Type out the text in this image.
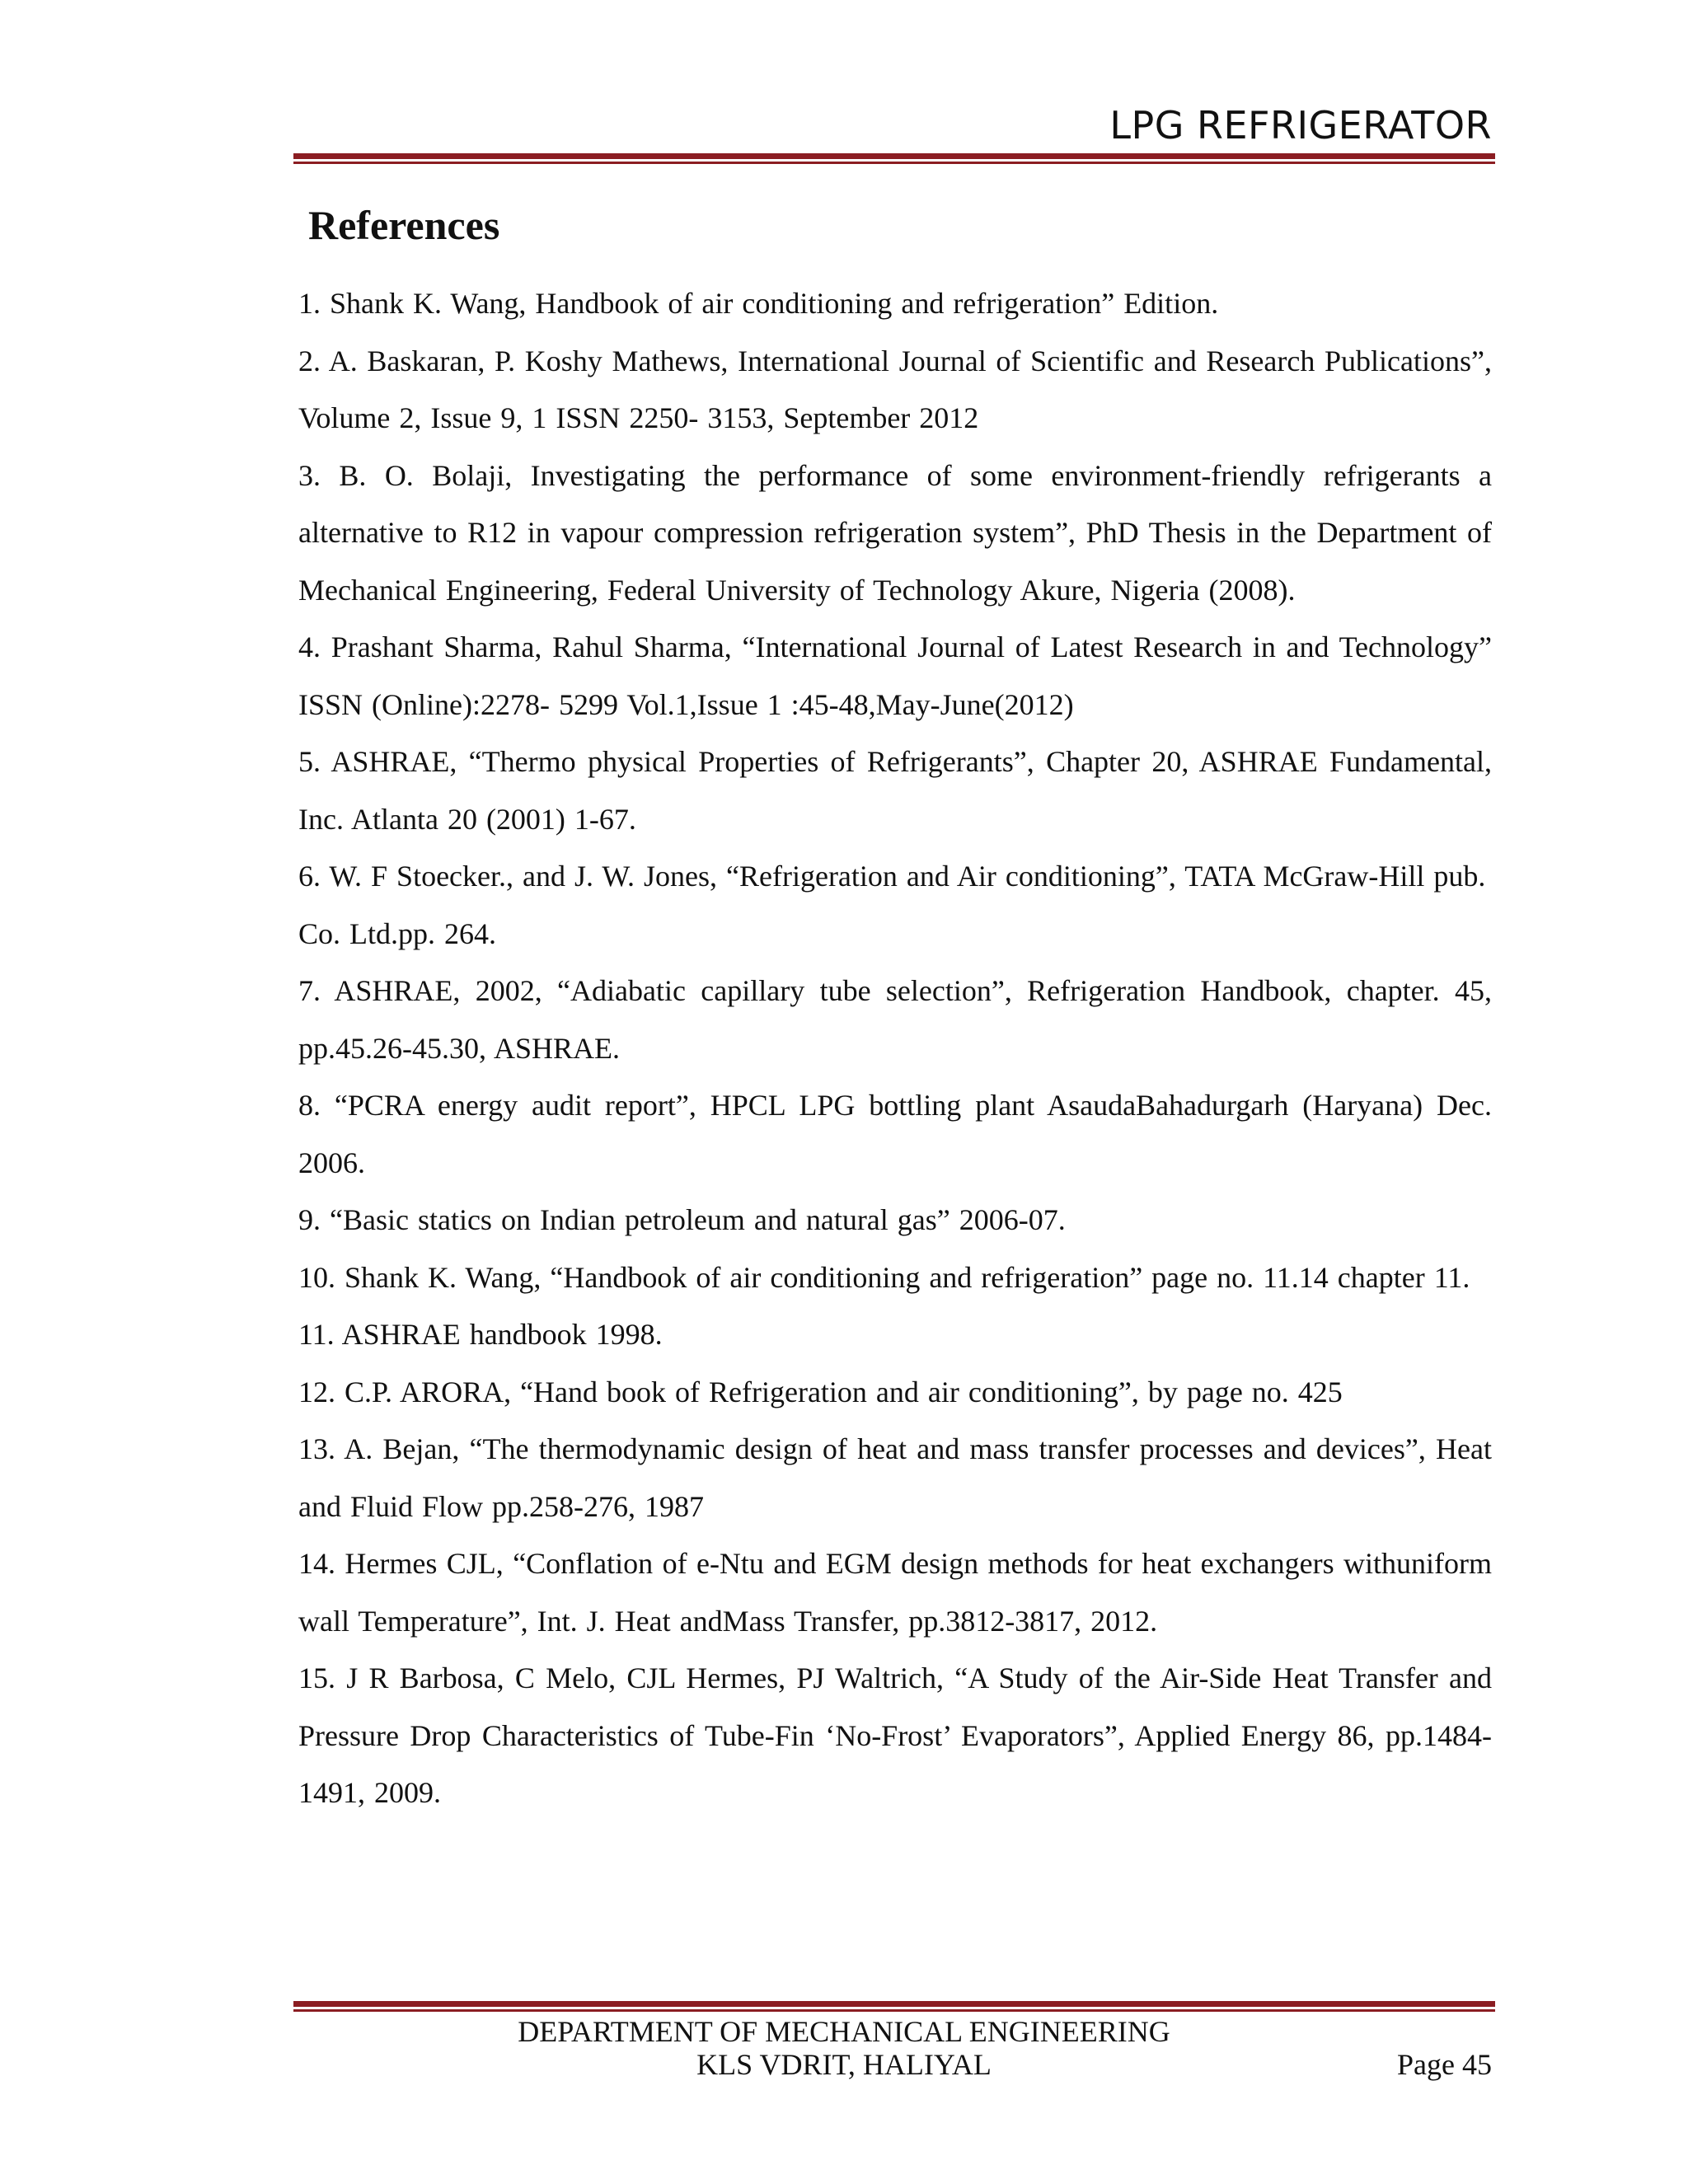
LPG REFRIGERATOR
References
1. Shank K. Wang, Handbook of air conditioning and refrigeration” Edition.
2. A. Baskaran, P. Koshy Mathews, International Journal of Scientific and Research Publications”, Volume 2, Issue 9, 1 ISSN 2250- 3153, September 2012
3. B. O. Bolaji, Investigating the performance of some environment-friendly refrigerants a alternative to R12 in vapour compression refrigeration system”, PhD Thesis in the Department of Mechanical Engineering, Federal University of Technology Akure, Nigeria (2008).
4. Prashant Sharma, Rahul Sharma, “International Journal of Latest Research in and Technology” ISSN (Online):2278- 5299 Vol.1,Issue 1 :45-48,May-June(2012)
5. ASHRAE, “Thermo physical Properties of Refrigerants”, Chapter 20, ASHRAE Fundamental, Inc. Atlanta 20 (2001) 1-67.
6. W. F Stoecker., and J. W. Jones, “Refrigeration and Air conditioning”, TATA McGraw-Hill pub.
Co. Ltd.pp. 264.
7. ASHRAE, 2002, “Adiabatic capillary tube selection”, Refrigeration Handbook, chapter. 45, pp.45.26-45.30, ASHRAE.
8. “PCRA energy audit report”, HPCL LPG bottling plant AsaudaBahadurgarh (Haryana) Dec. 2006.
9. “Basic statics on Indian petroleum and natural gas” 2006-07.
10. Shank K. Wang, “Handbook of air conditioning and refrigeration” page no. 11.14 chapter 11.
11. ASHRAE handbook 1998.
12. C.P. ARORA, “Hand book of Refrigeration and air conditioning”, by page no. 425
13. A. Bejan, “The thermodynamic design of heat and mass transfer processes and devices”, Heat and Fluid Flow pp.258-276, 1987
14. Hermes CJL, “Conflation of e-Ntu and EGM design methods for heat exchangers withuniform wall Temperature”, Int. J. Heat andMass Transfer, pp.3812-3817, 2012.
15. J R Barbosa, C Melo, CJL Hermes, PJ Waltrich, “A Study of the Air-Side Heat Transfer and Pressure Drop Characteristics of Tube-Fin ‘No-Frost’ Evaporators”, Applied Energy 86, pp.1484-1491, 2009.
DEPARTMENT OF MECHANICAL ENGINEERING
KLS VDRIT, HALIYAL	Page 45
